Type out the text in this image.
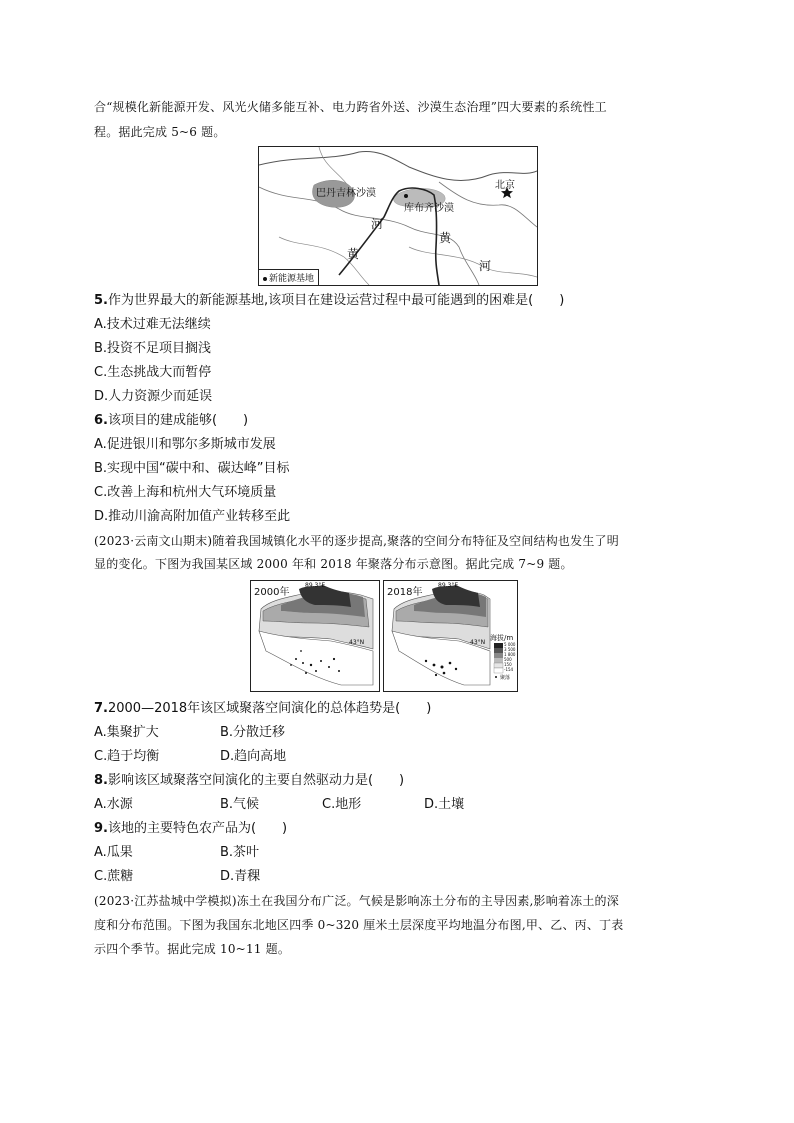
合“规模化新能源开发、风光火储多能互补、电力跨省外送、沙漠生态治理”四大要素的系统性工
程。据此完成 5~6 题。
巴丹吉林沙漠
库布齐沙漠
北京
河
黄
黄
河
新能源基地
5.作为世界最大的新能源基地,该项目在建设运营过程中最可能遇到的困难是(　　)
A.技术过难无法继续
B.投资不足项目搁浅
C.生态挑战大而暂停
D.人力资源少而延误
6.该项目的建成能够(　　)
A.促进银川和鄂尔多斯城市发展
B.实现中国“碳中和、碳达峰”目标
C.改善上海和杭州大气环境质量
D.推动川渝高附加值产业转移至此
(2023·云南文山期末)随着我国城镇化水平的逐步提高,聚落的空间分布特征及空间结构也发生了明
显的变化。下图为我国某区域 2000 年和 2018 年聚落分布示意图。据此完成 7~9 题。
2000年
89.3°E
43°N
2018年
89.3°E
43°N
海拔/m
5 000
3 500
1 800
500
150
-154
聚落
7.2000—2018年该区域聚落空间演化的总体趋势是(　　)
A.集聚扩大	B.分散迁移
C.趋于均衡	D.趋向高地
8.影响该区域聚落空间演化的主要自然驱动力是(　　)
A.水源	B.气候	C.地形	D.土壤
9.该地的主要特色农产品为(　　)
A.瓜果	B.茶叶
C.蔗糖	D.青稞
(2023·江苏盐城中学模拟)冻土在我国分布广泛。气候是影响冻土分布的主导因素,影响着冻土的深
度和分布范围。下图为我国东北地区四季 0~320 厘米土层深度平均地温分布图,甲、乙、丙、丁表
示四个季节。据此完成 10~11 题。
